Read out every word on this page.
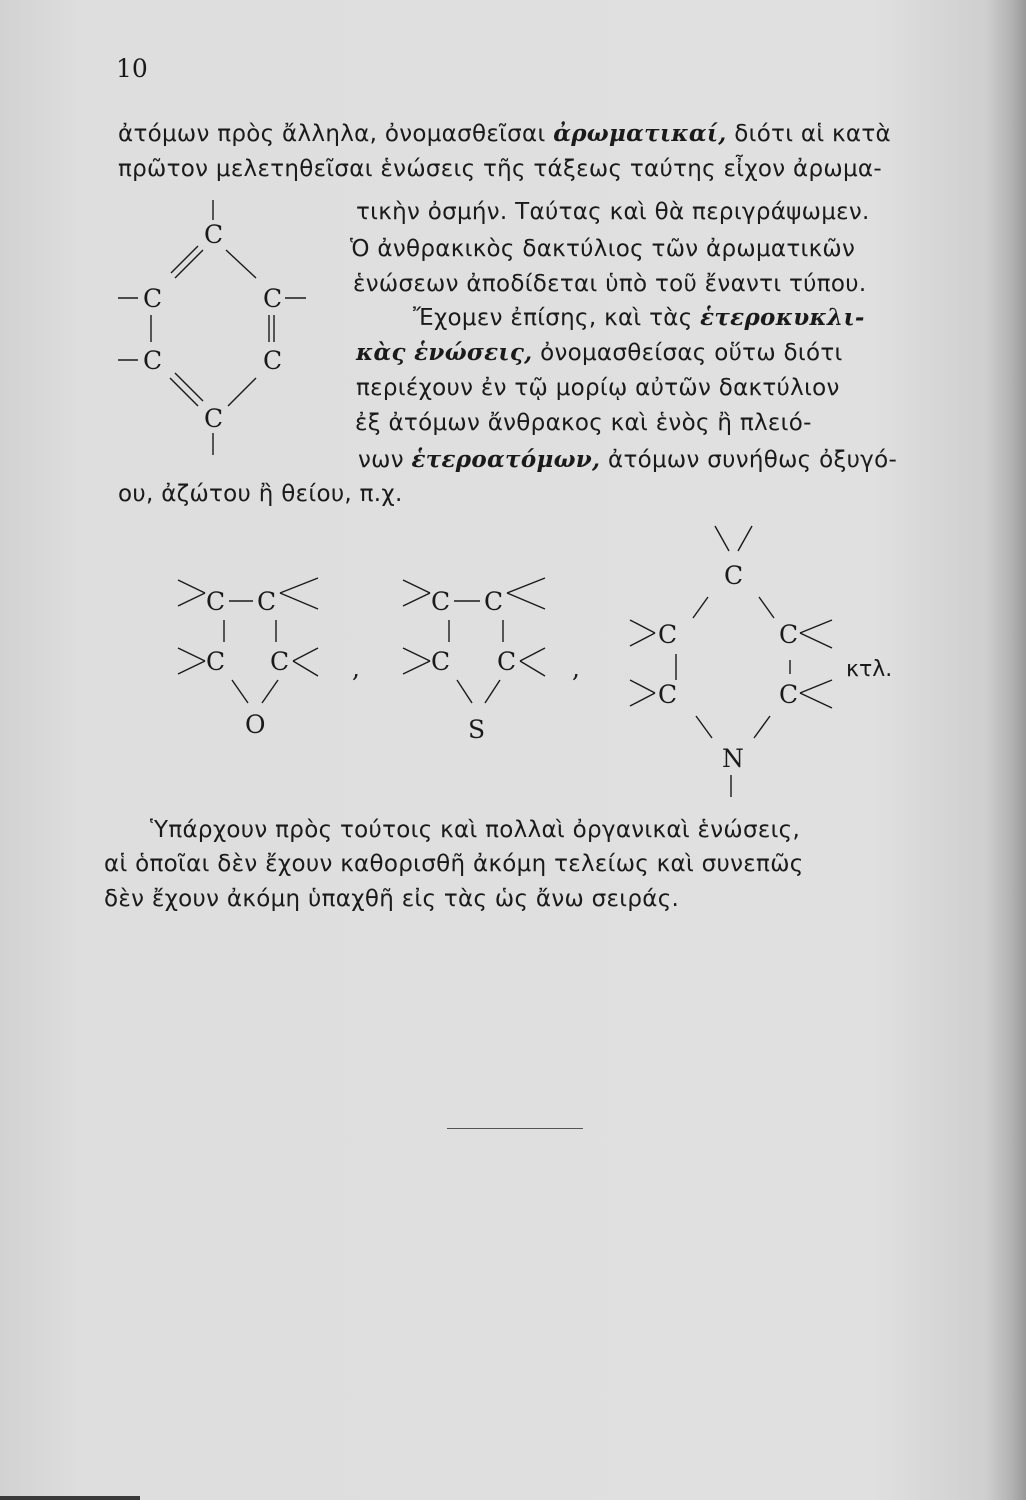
10
ἀτόμων πρὸς ἄλληλα, ὀνομασθεῖσαι ἀρωματικαί, διότι αἱ κατὰ
πρῶτον μελετηθεῖσαι ἑνώσεις τῆς τάξεως ταύτης εἶχον ἀρωμα-
τικὴν ὀσμήν. Ταύτας καὶ θὰ περιγράψωμεν.
Ὁ ἀνθρακικὸς δακτύλιος τῶν ἀρωματικῶν
ἑνώσεων ἀποδίδεται ὑπὸ τοῦ ἔναντι τύπου.
Ἔχομεν ἐπίσης, καὶ τὰς ἑτεροκυκλι-
κὰς ἑνώσεις, ὀνομασθείσας οὕτω διότι
περιέχουν ἐν τῷ μορίῳ αὐτῶν δακτύλιον
ἐξ ἀτόμων ἄνθρακος καὶ ἑνὸς ἢ πλειό-
νων ἑτεροατόμων, ἀτόμων συνήθως ὀξυγό-
ου, ἀζώτου ἢ θείου, π.χ.
C
C	C
C	C
C
C C
C C
O
,
C C
C C
S
,
C
C	C
C	C
κτλ.
N
Ὑπάρχουν πρὸς τούτοις καὶ πολλαὶ ὀργανικαὶ ἑνώσεις,
αἱ ὁποῖαι δὲν ἔχουν καθορισθῆ ἀκόμη τελείως καὶ συνεπῶς
δὲν ἔχουν ἀκόμη ὑπαχθῆ εἰς τὰς ὡς ἄνω σειράς.
